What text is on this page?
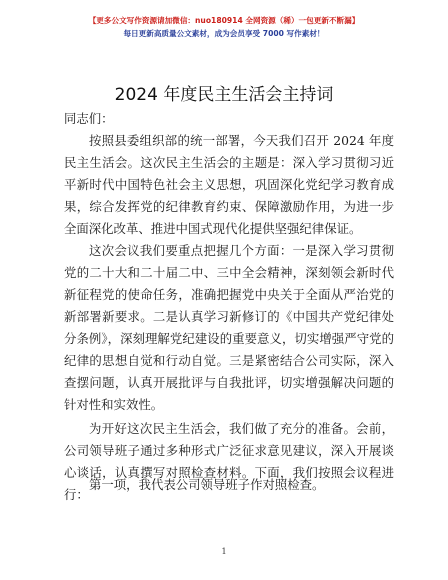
【更多公文写作资源请加微信：nuo180914 全网资源（稀）一包更新不断漏】
每日更新高质量公文素材，成为会员享受 7000 写作素材！
2024 年度民主生活会主持词
同志们：
按照县委组织部的统一部署，今天我们召开 2024 年度民主生活会。这次民主生活会的主题是：深入学习贯彻习近平新时代中国特色社会主义思想，巩固深化党纪学习教育成果，综合发挥党的纪律教育约束、保障激励作用，为进一步全面深化改革、推进中国式现代化提供坚强纪律保证。
这次会议我们要重点把握几个方面：一是深入学习贯彻党的二十大和二十届二中、三中全会精神，深刻领会新时代新征程党的使命任务，准确把握党中央关于全面从严治党的新部署新要求。二是认真学习新修订的《中国共产党纪律处分条例》，深刻理解党纪建设的重要意义，切实增强严守党的纪律的思想自觉和行动自觉。三是紧密结合公司实际，深入查摆问题，认真开展批评与自我批评，切实增强解决问题的针对性和实效性。
为开好这次民主生活会，我们做了充分的准备。会前，公司领导班子通过多种形式广泛征求意见建议，深入开展谈心谈话，认真撰写对照检查材料。下面，我们按照会议程进行：
第一项，我代表公司领导班子作对照检查。
1
